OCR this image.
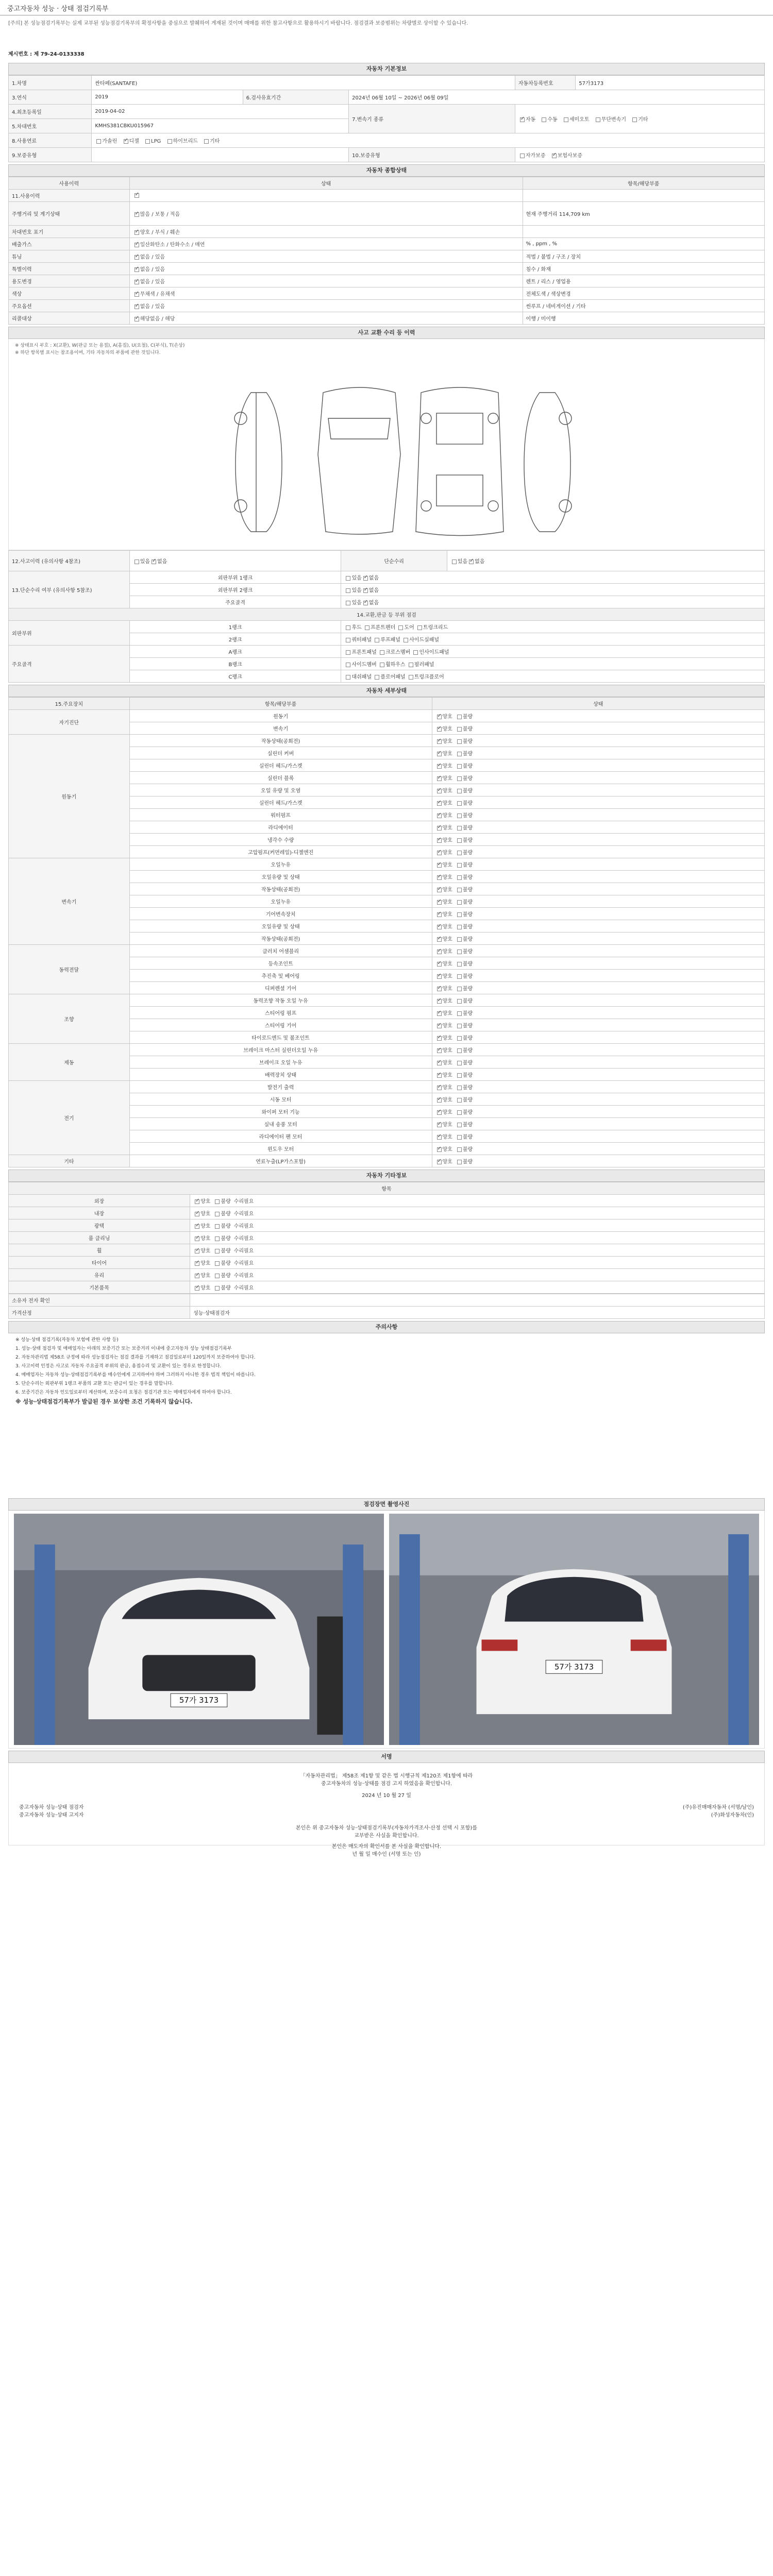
중고자동차 성능 · 상태 점검기록부
[주의] 본 성능점검기록부는 실제 교부된 성능점검기록부의 확정사항을 중심으로 발췌하여 게재된 것이며 매매를 위한 참고사항으로 활용하시기 바랍니다. 점검결과 보증범위는 차량별로 상이할 수 있습니다.
제시번호 : 제 79-24-0133338
자동차 기본정보
1.차명	싼타페(SANTAFE)			자동차등록번호	57가3173
3.연식	2019	6.검사유효기간	2024년 06월 10일 ~ 2026년 06월 09일		
4.최초등록일	2019-04-02		7.변속기 종류	✓자동 수동 세미오토 무단변속기 기타
5.차대번호	KMHS381CBKU015967				
8.사용연료	가솔린 ✓ 디젤 LPG 하이브리드 기타
9.보증유형			10.보증유형	자가보증 ✓ 보험사보증
자동차 종합상태
사용이력	상태	항목/해당부품
11.사용이력	✓	
주행거리 및 계기상태	✓많음 / 보통 / 적음	현재 주행거리 114,709 km
차대번호 표기	✓양호 / 부식 / 훼손	
배출가스	✓일산화탄소 / 탄화수소 / 매연	% , ppm , %
튜닝	✓없음 / 있음	적법 / 불법 / 구조 / 장치
특별이력	✓없음 / 있음	침수 / 화재
용도변경	✓없음 / 있음	렌트 / 리스 / 영업용
색상	✓무채색 / 유채색	전체도색 / 색상변경
주요옵션	✓없음 / 있음	썬루프 / 네비게이션 / 기타
리콜대상	✓해당없음 / 해당	이행 / 미이행
사고 교환 수리 등 이력
※ 상태표시 부호 : X(교환), W(판금 또는 용접), A(흠집), U(요철), C(부식), T(손상)
※ 하단 항목별 표시는 참조용이며, 기타 자동차의 부품에 관한 것입니다.
12.사고이력 (유의사항 4참조)	있음 ✓ 없음	단순수리	있음 ✓ 없음
13.단순수리 여부 (유의사항 5참조)	외판부위 1랭크	있음 ✓ 없음
	외판부위 2랭크	있음 ✓ 없음
	주요골격	있음 ✓ 없음
14.교환,판금 등 부위 점검			
외판부위	1랭크	후드 프론트펜더 도어 트렁크리드	
	2랭크	쿼터패널 루프패널 사이드실패널	
주요골격	A랭크	프론트패널 크로스멤버 인사이드패널	
	B랭크	사이드멤버 휠하우스 필러패널	
	C랭크	대쉬패널 플로어패널 트렁크플로어	
자동차 세부상태
15.주요장치	항목/해당부품	상태
자기진단	원동기	✓양호 불량
	변속기	✓양호 불량
원동기	작동상태(공회전)	✓양호 불량
	실린더 커버	✓양호 불량
	실린더 헤드/가스켓	✓양호 불량
	실린더 블록	✓양호 불량
	오일 유량 및 오염	✓양호 불량
	실린더 헤드/가스켓	✓양호 불량
	워터펌프	✓양호 불량
	라디에이터	✓양호 불량
	냉각수 수량	✓양호 불량
	고압펌프(커먼레일)-디젤엔진	✓양호 불량
변속기	오일누유	✓양호 불량
	오일유량 및 상태	✓양호 불량
	작동상태(공회전)	✓양호 불량
	오일누유	✓양호 불량
	기어변속장치	✓양호 불량
	오일유량 및 상태	✓양호 불량
	작동상태(공회전)	✓양호 불량
동력전달	클러치 어셈블리	✓양호 불량
	등속조인트	✓양호 불량
	추진축 및 베어링	✓양호 불량
	디퍼렌셜 기어	✓양호 불량
조향	동력조향 작동 오일 누유	✓양호 불량
	스티어링 펌프	✓양호 불량
	스티어링 기어	✓양호 불량
	타이로드엔드 및 볼조인트	✓양호 불량
제동	브레이크 마스터 실린더오일 누유	✓양호 불량
	브레이크 오일 누유	✓양호 불량
	배력장치 상태	✓양호 불량
전기	발전기 출력	✓양호 불량
	시동 모터	✓양호 불량
	와이퍼 모터 기능	✓양호 불량
	실내 송풍 모터	✓양호 불량
	라디에이터 팬 모터	✓양호 불량
	윈도우 모터	✓양호 불량
기타	연료누출(LP가스포함)	✓양호 불량
자동차 기타정보
항목	
외장	✓양호 불량 수리필요
내장	✓양호 불량 수리필요
광택	✓양호 불량 수리필요
룸 클리닝	✓양호 불량 수리필요
휠	✓양호 불량 수리필요
타이어	✓양호 불량 수리필요
유리	✓양호 불량 수리필요
기본품목	✓양호 불량 수리필요
소유자 전자 확인	
가격산정	성능·상태점검자
주의사항

※ 성능·상태 점검기록(자동차 보험에 관한 사항 등)

1. 성능·상태 점검자 및 매매업자는 아래의 보증기간 또는 보증거리 이내에 중고자동차 성능 상태점검기록부

2. 자동차관리법 제58조 규정에 따라 성능점검자는 점검 결과를 기재하고 점검일로부터 120일까지 보증하여야 합니다.

3. 사고이력 인정은 사고로 자동차 주요골격 부위의 판금, 용접수리 및 교환이 있는 경우로 한정합니다.

4. 매매업자는 자동차 성능·상태점검기록부를 매수인에게 고지하여야 하며 그러하지 아니한 경우 법적 책임이 따릅니다.

5. 단순수리는 외판부위 1랭크 부품의 교환 또는 판금이 있는 경우를 말합니다.

6. 보증기간은 자동차 인도일로부터 계산하며, 보증수리 요청은 점검기관 또는 매매업자에게 하여야 합니다.

※ 성능·상태점검기록부가 발급된 경우 보상한 조건 기록하지 않습니다.

점검장면 촬영사진
57가 3173
57가 3173
서명
「자동차관리법」 제58조 제1항 및 같은 법 시행규칙 제120조 제1항에 따라
중고자동차의 성능·상태를 점검 고지 하였음을 확인합니다.
2024 년 10 월 27 일
중고자동차 성능·상태 점검자	(주)유진매매자동차 (서명/날인)
중고자동차 성능·상태 고지자	(주)화성자동차(인)
본인은 위 중고자동차 성능·상태점검기록부(자동차가격조사·산정 선택 시 포함)를
교부받은 사실을 확인합니다.
본인은 매도자의 확인서를 본 사실을 확인합니다.
년 월 일 매수인 (서명 또는 인)
